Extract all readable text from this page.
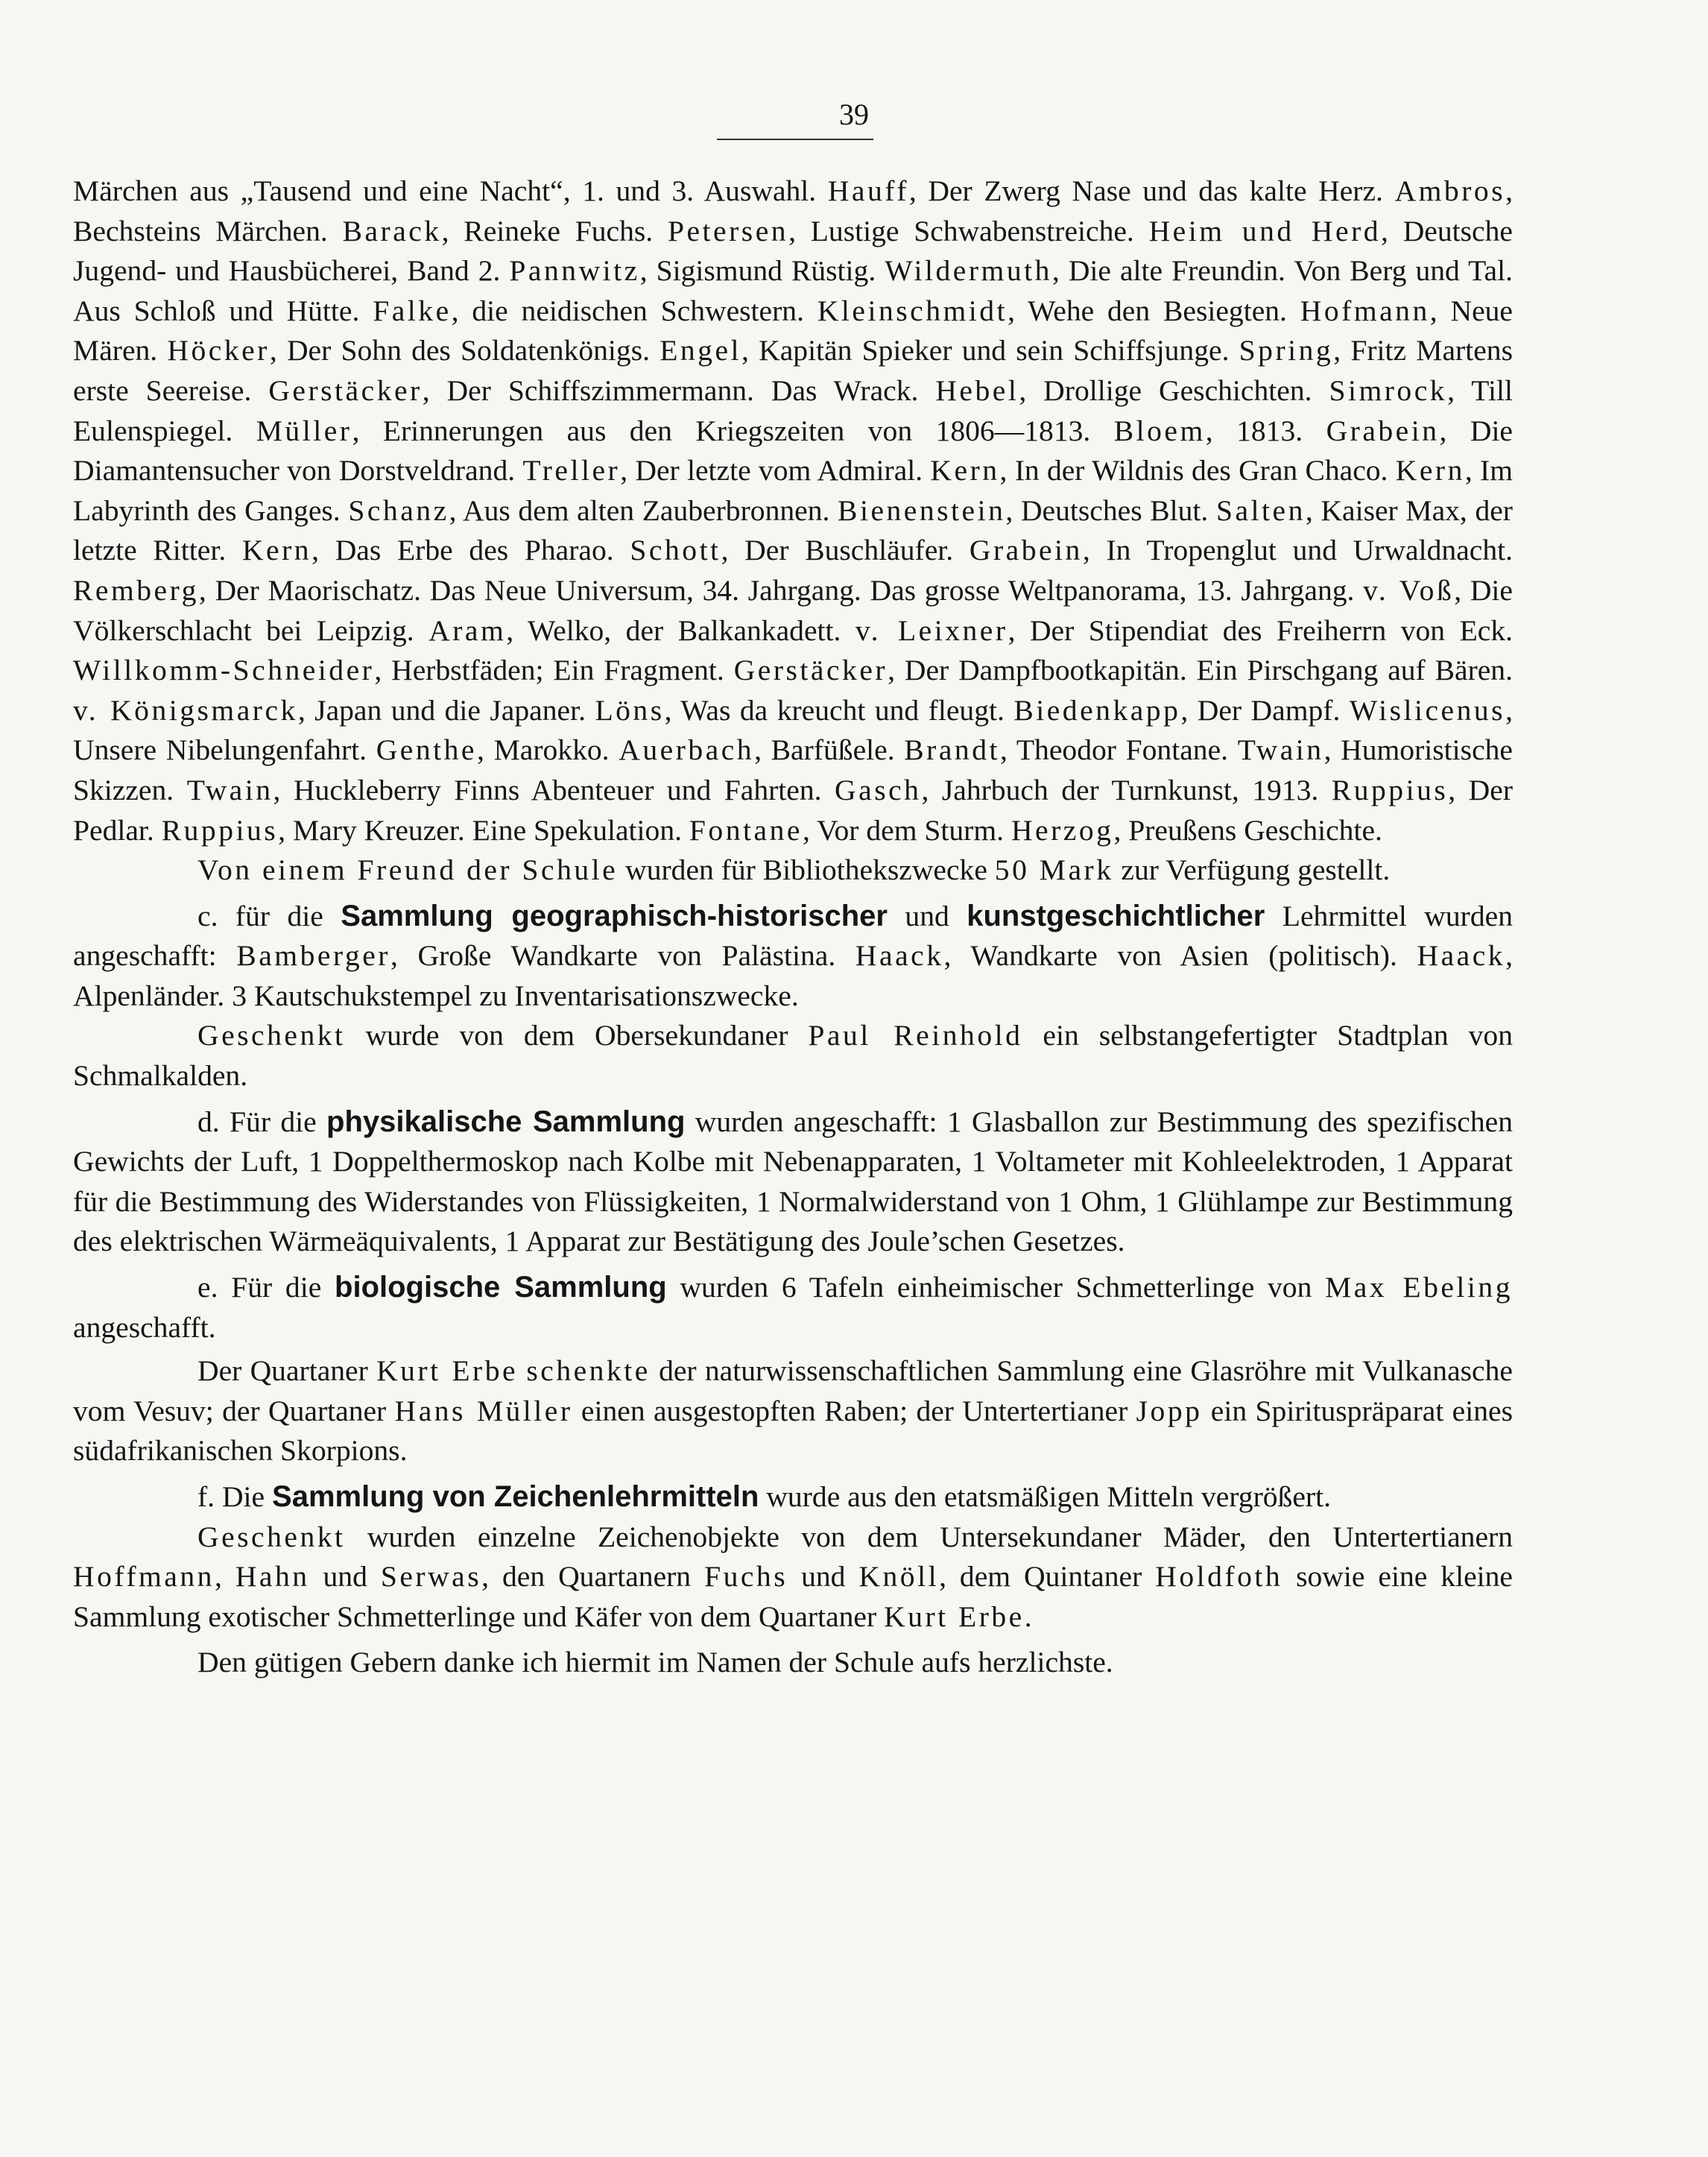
39

Märchen aus „Tausend und eine Nacht“, 1. und 3. Auswahl. Hauff, Der Zwerg Nase und das kalte Herz. Ambros, Bechsteins Märchen. Barack, Reineke Fuchs. Petersen, Lustige Schwabenstreiche. Heim und Herd, Deutsche Jugend- und Hausbücherei, Band 2. Pannwitz, Sigismund Rüstig. Wildermuth, Die alte Freundin. Von Berg und Tal. Aus Schloß und Hütte. Falke, die neidischen Schwestern. Kleinschmidt, Wehe den Besiegten. Hofmann, Neue Mären. Höcker, Der Sohn des Soldatenkönigs. Engel, Kapitän Spieker und sein Schiffsjunge. Spring, Fritz Martens erste Seereise. Gerstäcker, Der Schiffszimmermann. Das Wrack. Hebel, Drollige Geschichten. Simrock, Till Eulenspiegel. Müller, Erinnerungen aus den Kriegszeiten von 1806—1813. Bloem, 1813. Grabein, Die Diamantensucher von Dorstveldrand. Treller, Der letzte vom Admiral. Kern, In der Wildnis des Gran Chaco. Kern, Im Labyrinth des Ganges. Schanz, Aus dem alten Zauberbronnen. Bienenstein, Deutsches Blut. Salten, Kaiser Max, der letzte Ritter. Kern, Das Erbe des Pharao. Schott, Der Buschläufer. Grabein, In Tropenglut und Urwaldnacht. Remberg, Der Maorischatz. Das Neue Universum, 34. Jahrgang. Das grosse Weltpanorama, 13. Jahrgang. v. Voß, Die Völkerschlacht bei Leipzig. Aram, Welko, der Balkankadett. v. Leixner, Der Stipendiat des Freiherrn von Eck. Willkomm-Schneider, Herbstfäden; Ein Fragment. Gerstäcker, Der Dampfbootkapitän. Ein Pirschgang auf Bären. v. Königsmarck, Japan und die Japaner. Löns, Was da kreucht und fleugt. Biedenkapp, Der Dampf. Wislicenus, Unsere Nibelungenfahrt. Genthe, Marokko. Auerbach, Barfüßele. Brandt, Theodor Fontane. Twain, Humoristische Skizzen. Twain, Huckleberry Finns Abenteuer und Fahrten. Gasch, Jahrbuch der Turnkunst, 1913. Ruppius, Der Pedlar. Ruppius, Mary Kreuzer. Eine Spekulation. Fontane, Vor dem Sturm. Herzog, Preußens Geschichte.

Von einem Freund der Schule wurden für Bibliothekszwecke 50 Mark zur Verfügung gestellt.

c. für die Sammlung geographisch-historischer und kunstgeschichtlicher Lehrmittel wurden angeschafft: Bamberger, Große Wandkarte von Palästina. Haack, Wandkarte von Asien (politisch). Haack, Alpenländer. 3 Kautschukstempel zu Inventarisationszwecke.

Geschenkt wurde von dem Obersekundaner Paul Reinhold ein selbstangefertigter Stadtplan von Schmalkalden.

d. Für die physikalische Sammlung wurden angeschafft: 1 Glasballon zur Bestimmung des spezifischen Gewichts der Luft, 1 Doppelthermoskop nach Kolbe mit Nebenapparaten, 1 Voltameter mit Kohleelektroden, 1 Apparat für die Bestimmung des Widerstandes von Flüssigkeiten, 1 Normalwiderstand von 1 Ohm, 1 Glühlampe zur Bestimmung des elektrischen Wärmeäquivalents, 1 Apparat zur Bestätigung des Joule’schen Gesetzes.

e. Für die biologische Sammlung wurden 6 Tafeln einheimischer Schmetterlinge von Max Ebeling angeschafft.

Der Quartaner Kurt Erbe schenkte der naturwissenschaftlichen Sammlung eine Glasröhre mit Vulkanasche vom Vesuv; der Quartaner Hans Müller einen ausgestopften Raben; der Untertertianer Jopp ein Spirituspräparat eines südafrikanischen Skorpions.

f. Die Sammlung von Zeichenlehrmitteln wurde aus den etatsmäßigen Mitteln vergrößert.

Geschenkt wurden einzelne Zeichenobjekte von dem Untersekundaner Mäder, den Untertertianern Hoffmann, Hahn und Serwas, den Quartanern Fuchs und Knöll, dem Quintaner Holdfoth sowie eine kleine Sammlung exotischer Schmetterlinge und Käfer von dem Quartaner Kurt Erbe.

Den gütigen Gebern danke ich hiermit im Namen der Schule aufs herzlichste.
